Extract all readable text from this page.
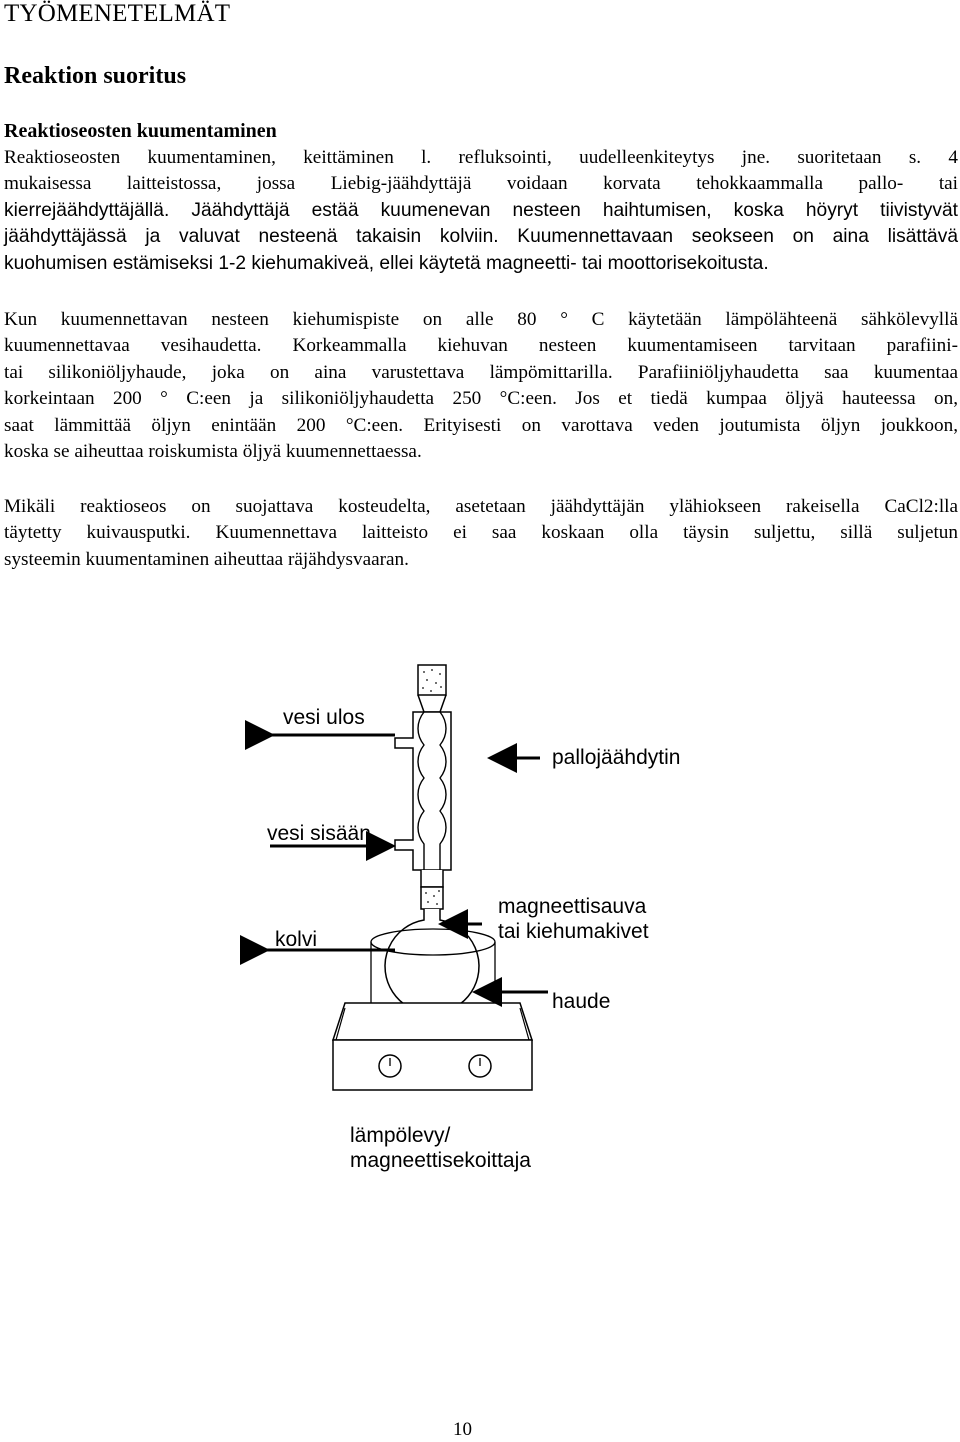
TYÖMENETELMÄT
Reaktion suoritus
Reaktioseosten kuumentaminen
Reaktioseosten kuumentaminen, keittäminen l. refluksointi, uudelleenkiteytys jne. suoritetaan s. 4
mukaisessa laitteistossa, jossa Liebig-jäähdyttäjä voidaan korvata tehokkaammalla pallo- tai
kierrejäähdyttäjällä. Jäähdyttäjä estää kuumenevan nesteen haihtumisen, koska höyryt tiivistyvät
jäähdyttäjässä ja valuvat nesteenä takaisin kolviin. Kuumennettavaan seokseen on aina lisättävä
kuohumisen estämiseksi 1-2 kiehumakiveä, ellei käytetä magneetti- tai moottorisekoitusta.
Kun kuumennettavan nesteen kiehumispiste on alle 80 ° C käytetään lämpölähteenä sähkölevyllä
kuumennettavaa vesihaudetta. Korkeammalla kiehuvan nesteen kuumentamiseen tarvitaan parafiini-
tai silikoniöljyhaude, joka on aina varustettava lämpömittarilla. Parafiiniöljyhaudetta saa kuumentaa
korkeintaan 200 ° C:een ja silikoniöljyhaudetta 250 °C:een. Jos et tiedä kumpaa öljyä hauteessa on,
saat lämmittää öljyn enintään 200 °C:een. Erityisesti on varottava veden joutumista öljyn joukkoon,
koska se aiheuttaa roiskumista öljyä kuumennettaessa.
Mikäli reaktioseos on suojattava kosteudelta, asetetaan jäähdyttäjän ylähiokseen rakeisella CaCl2:lla
täytetty kuivausputki. Kuumennettava laitteisto ei saa koskaan olla täysin suljettu, sillä suljetun
systeemin kuumentaminen aiheuttaa räjähdysvaaran.
vesi ulos
pallojäähdytin
vesi sisään
magneettisauva
tai kiehumakivet
kolvi
haude
lämpölevy/
magneettisekoittaja
10
